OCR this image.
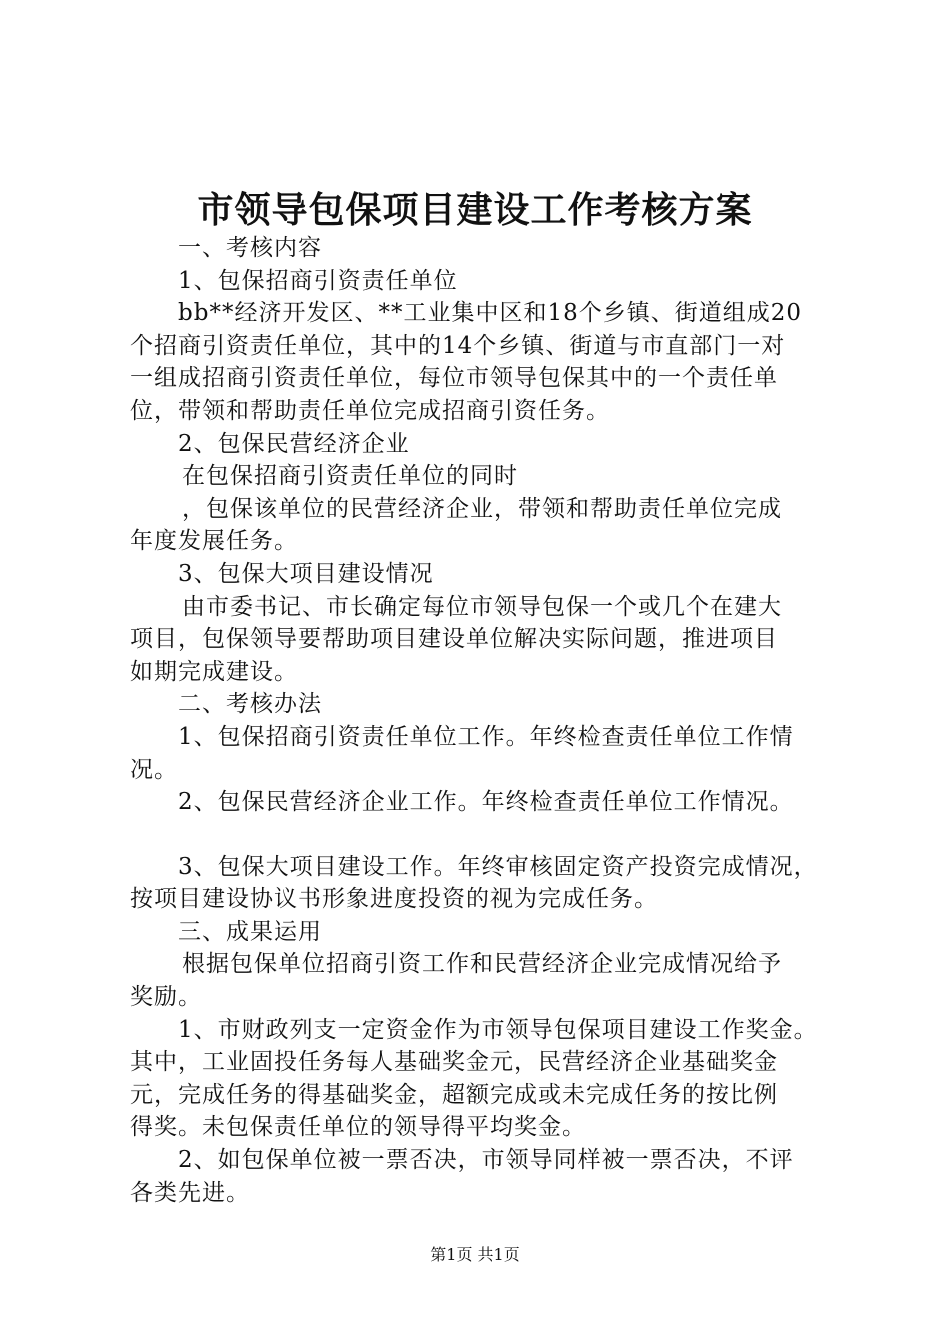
市领导包保项目建设工作考核方案

一、考核内容

1、包保招商引资责任单位

bb**经济开发区、**工业集中区和18个乡镇、街道组成20

个招商引资责任单位，其中的14个乡镇、街道与市直部门一对

一组成招商引资责任单位，每位市领导包保其中的一个责任单

位，带领和帮助责任单位完成招商引资任务。

2、包保民营经济企业

在包保招商引资责任单位的同时

，包保该单位的民营经济企业，带领和帮助责任单位完成

年度发展任务。

3、包保大项目建设情况

由市委书记、市长确定每位市领导包保一个或几个在建大

项目，包保领导要帮助项目建设单位解决实际问题，推进项目

如期完成建设。

二、考核办法

1、包保招商引资责任单位工作。年终检查责任单位工作情

况。

2、包保民营经济企业工作。年终检查责任单位工作情况。

3、包保大项目建设工作。年终审核固定资产投资完成情况，

按项目建设协议书形象进度投资的视为完成任务。

三、成果运用

根据包保单位招商引资工作和民营经济企业完成情况给予

奖励。

1、市财政列支一定资金作为市领导包保项目建设工作奖金。

其中，工业固投任务每人基础奖金元，民营经济企业基础奖金

元，完成任务的得基础奖金，超额完成或未完成任务的按比例

得奖。未包保责任单位的领导得平均奖金。

2、如包保单位被一票否决，市领导同样被一票否决，不评

各类先进。

第1页 共1页
